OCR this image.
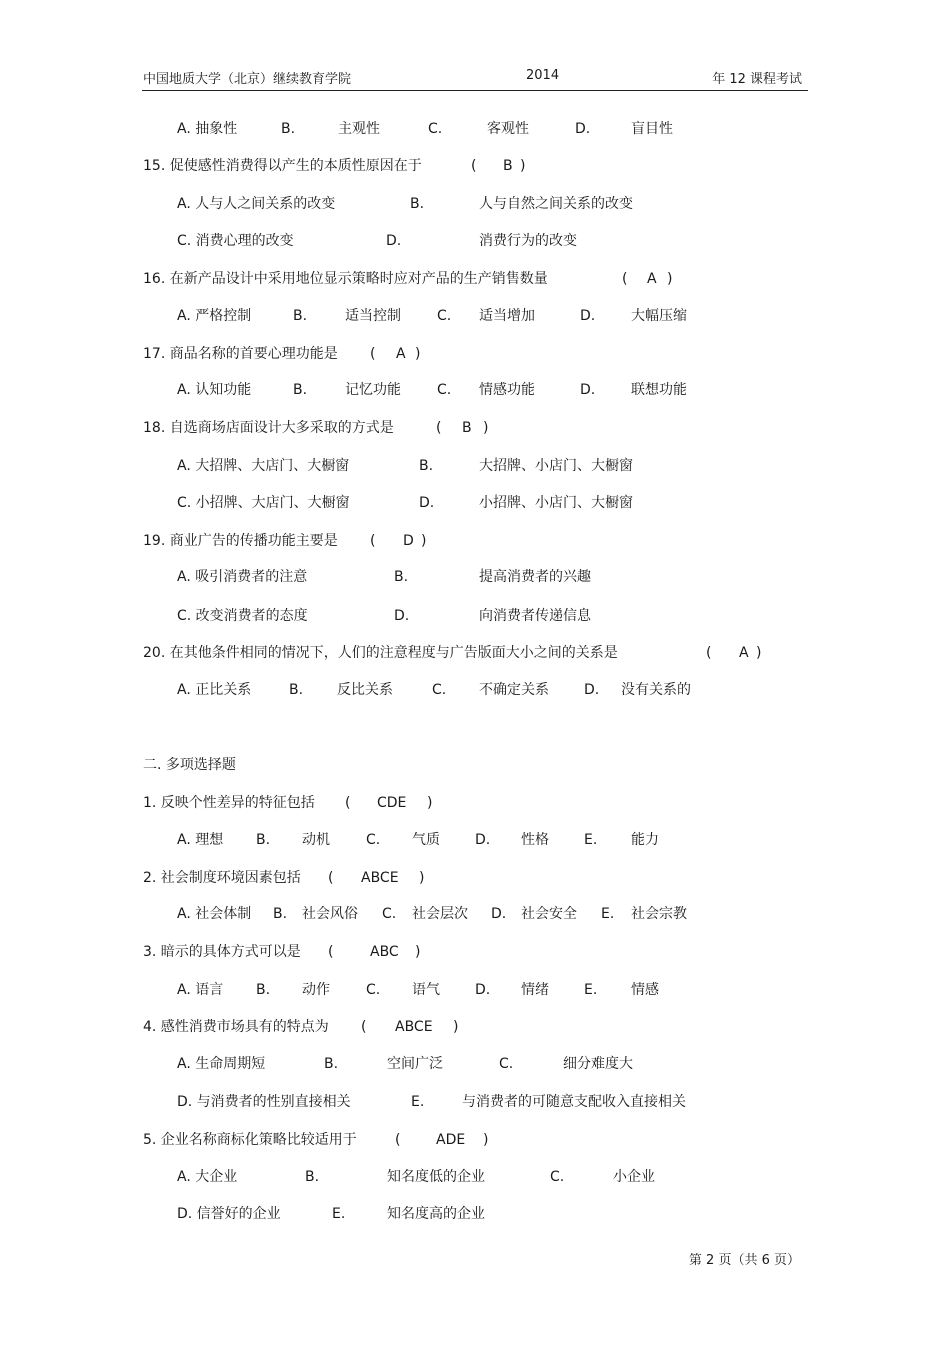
中国地质大学（北京）继续教育学院	2014	年 12 课程考试
A. 抽象性	B.	主观性	C.	客观性	D.	盲目性
15. 促使感性消费得以产生的本质性原因在于	( B )
A. 人与人之间关系的改变	B.	人与自然之间关系的改变
C. 消费心理的改变	D.	消费行为的改变
16. 在新产品设计中采用地位显示策略时应对产品的生产销售数量	( A )
A. 严格控制	B.	适当控制	C. 适当增加	D.	大幅压缩
17. 商品名称的首要心理功能是 ( A )
A. 认知功能	B.	记忆功能	C. 情感功能	D.	联想功能
18. 自选商场店面设计大多采取的方式是	( B )
A. 大招牌、大店门、大橱窗	B.	大招牌、小店门、大橱窗
C. 小招牌、大店门、大橱窗	D.	小招牌、小店门、大橱窗
19. 商业广告的传播功能主要是 ( D )
A. 吸引消费者的注意	B.	提高消费者的兴趣
C. 改变消费者的态度	D.	向消费者传递信息
20. 在其他条件相同的情况下，人们的注意程度与广告版面大小之间的关系是	( A )
A. 正比关系	B. 反比关系	C. 不确定关系	D. 没有关系的
二. 多项选择题
1. 反映个性差异的特征包括 ( CDE )
A. 理想 B. 动机	C. 气质	D. 性格	E. 能力
2. 社会制度环境因素包括 ( ABCE )
A. 社会体制 B. 社会风俗 C. 社会层次 D. 社会安全 E. 社会宗教
3. 暗示的具体方式可以是 (	ABC )
A. 语言 B. 动作	C. 语气	D. 情绪	E. 情感
4. 感性消费市场具有的特点为 ( ABCE )
A. 生命周期短	B.	空间广泛	C.	细分难度大
D. 与消费者的性别直接相关	E.	与消费者的可随意支配收入直接相关
5. 企业名称商标化策略比较适用于	(	ADE )
A. 大企业	B.	知名度低的企业	C.	小企业
D. 信誉好的企业	E.	知名度高的企业
第 2 页（共 6 页）
